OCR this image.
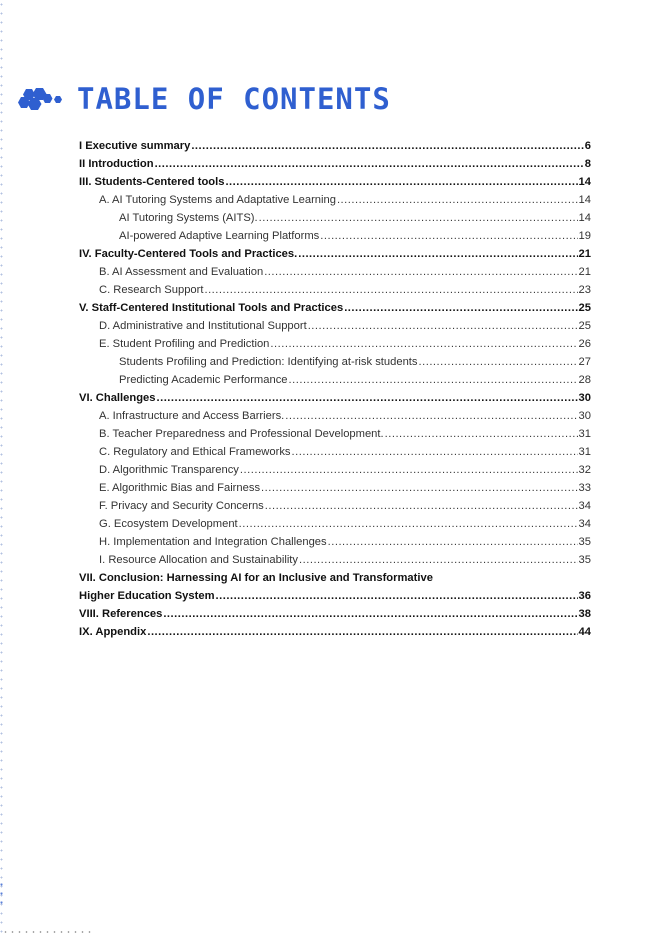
TABLE OF CONTENTS
I Executive summary .....	6
II Introduction .....	8
III. Students-Centered tools .....	14
A. AI Tutoring Systems and Adaptative Learning .....	14
AI Tutoring Systems (AITS). .....	14
AI-powered Adaptive Learning Platforms .....	19
IV. Faculty-Centered Tools and Practices. .....	21
B. AI Assessment and Evaluation .....	21
C. Research Support .....	23
V. Staff-Centered Institutional Tools and Practices .....	25
D. Administrative and Institutional Support .....	25
E. Student Profiling and Prediction .....	26
Students Profiling and Prediction: Identifying at-risk students .....	27
Predicting Academic Performance .....	28
VI. Challenges .....	30
A. Infrastructure and Access Barriers. .....	30
B. Teacher Preparedness and Professional Development. .....	31
C. Regulatory and Ethical Frameworks .....	31
D. Algorithmic Transparency .....	32
E. Algorithmic Bias and Fairness .....	33
F. Privacy and Security Concerns .....	34
G. Ecosystem Development .....	34
H. Implementation and Integration Challenges .....	35
I. Resource Allocation and Sustainability .....	35
VII. Conclusion: Harnessing AI for an Inclusive and Transformative
Higher Education System .....	36
VIII. References .....	38
IX. Appendix .....	44
